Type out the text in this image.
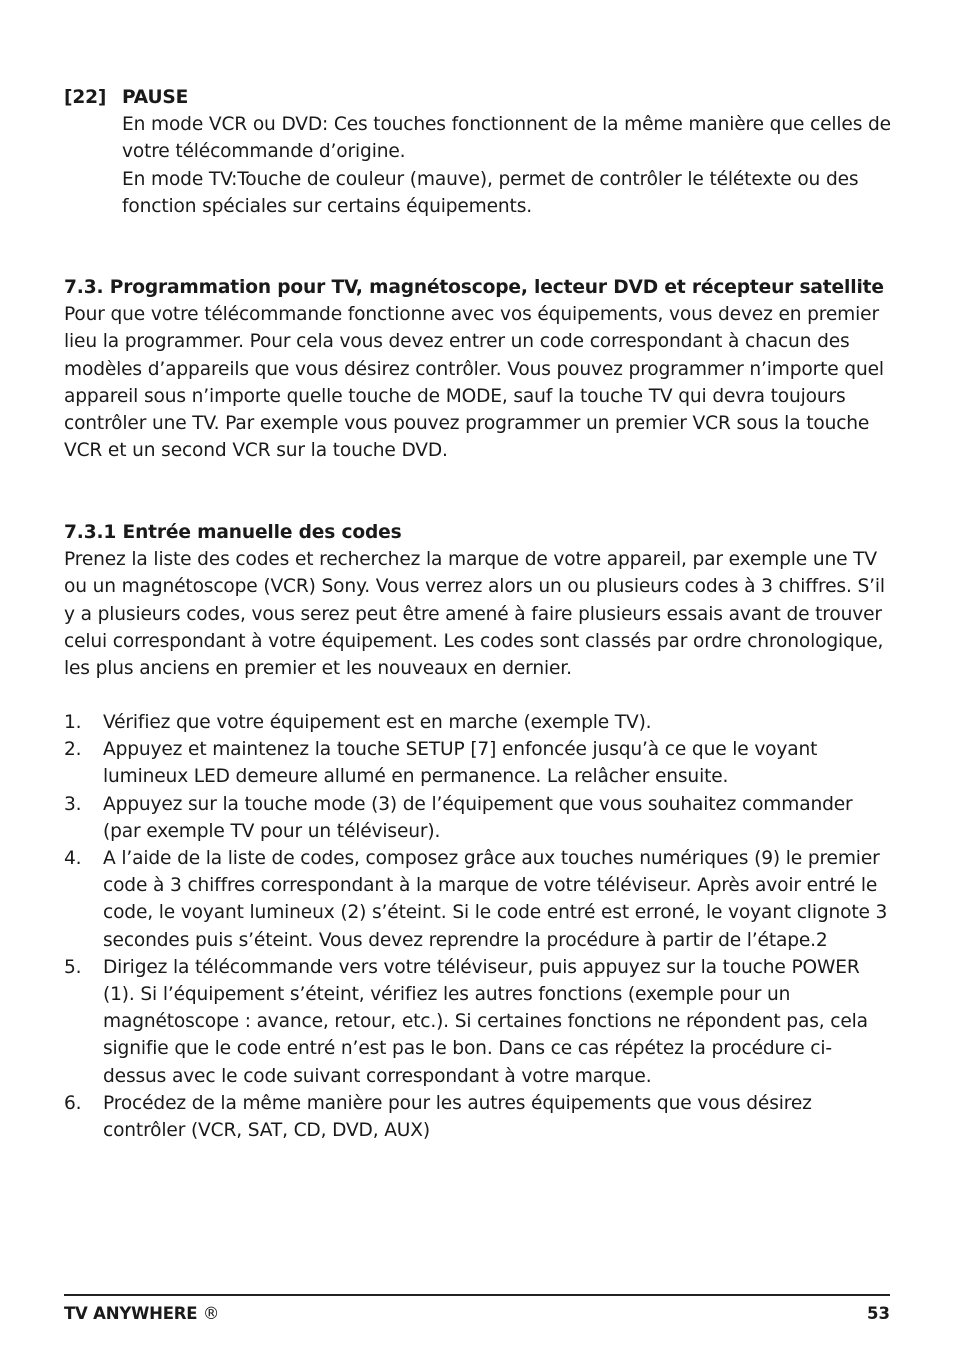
[22] PAUSE
En mode VCR ou DVD: Ces touches fonctionnent de la même manière que celles de votre télécommande d’origine.
En mode TV:Touche de couleur (mauve), permet de contrôler le télétexte ou des fonction spéciales sur certains équipements.
7.3. Programmation pour TV, magnétoscope, lecteur DVD et récepteur satellite
Pour que votre télécommande fonctionne avec vos équipements, vous devez en premier lieu la programmer. Pour cela vous devez entrer un code correspondant à chacun des modèles d’appareils que vous désirez contrôler. Vous pouvez programmer n’importe quel appareil sous n’importe quelle touche de MODE, sauf la touche TV qui devra toujours contrôler une TV. Par exemple vous pouvez programmer un premier VCR sous la touche VCR et un second VCR sur la touche DVD.
7.3.1 Entrée manuelle des codes
Prenez la liste des codes et recherchez la marque de votre appareil, par exemple une TV ou un magnétoscope (VCR) Sony. Vous verrez alors un ou plusieurs codes à 3 chiffres. S’il y a plusieurs codes, vous serez peut être amené à faire plusieurs essais avant de trouver celui correspondant à votre équipement. Les codes sont classés par ordre chronologique, les plus anciens en premier et les nouveaux en dernier.
1.	Vérifiez que votre équipement est en marche (exemple TV).
2.	Appuyez et maintenez la touche SETUP [7] enfoncée jusqu’à ce que le voyant lumineux LED demeure allumé en permanence. La relâcher ensuite.
3.	Appuyez sur la touche mode (3) de l’équipement que vous souhaitez commander (par exemple TV pour un téléviseur).
4.	A l’aide de la liste de codes, composez grâce aux touches numériques (9) le premier code à 3 chiffres correspondant à la marque de votre téléviseur. Après avoir entré le code, le voyant lumineux (2) s’éteint. Si le code entré est erroné, le voyant clignote 3 secondes puis s’éteint. Vous devez reprendre la procédure à partir de l’étape.2
5.	Dirigez la télécommande vers votre téléviseur, puis appuyez sur la touche POWER (1). Si l’équipement s’éteint, vérifiez les autres fonctions (exemple pour un magnétoscope : avance, retour, etc.). Si certaines fonctions ne répondent pas, cela signifie que le code entré n’est pas le bon. Dans ce cas répétez la procédure ci-dessus avec le code suivant correspondant à votre marque.
6.	Procédez de la même manière pour les autres équipements que vous désirez contrôler (VCR, SAT, CD, DVD, AUX)
TV ANYWHERE ®	53
